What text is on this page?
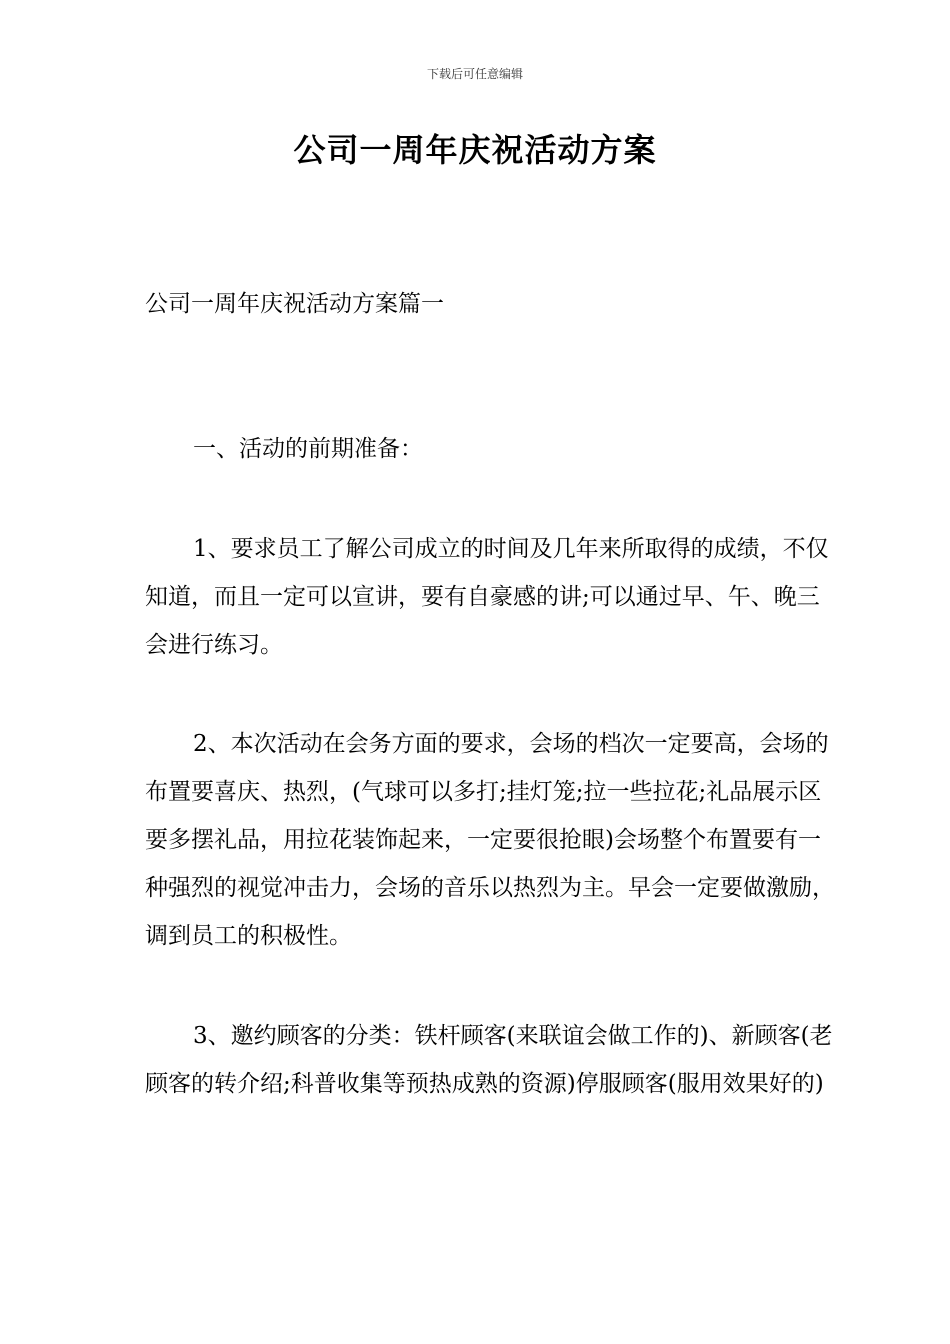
下载后可任意编辑
公司一周年庆祝活动方案

公司一周年庆祝活动方案篇一

一、活动的前期准备：

1、要求员工了解公司成立的时间及几年来所取得的成绩，不仅知道，而且一定可以宣讲，要有自豪感的讲;可以通过早、午、晚三会进行练习。

2、本次活动在会务方面的要求，会场的档次一定要高，会场的布置要喜庆、热烈，(气球可以多打;挂灯笼;拉一些拉花;礼品展示区要多摆礼品，用拉花装饰起来，一定要很抢眼)会场整个布置要有一种强烈的视觉冲击力，会场的音乐以热烈为主。早会一定要做激励，调到员工的积极性。

3、邀约顾客的分类：铁杆顾客(来联谊会做工作的)、新顾客(老顾客的转介绍;科普收集等预热成熟的资源)停服顾客(服用效果好的)
